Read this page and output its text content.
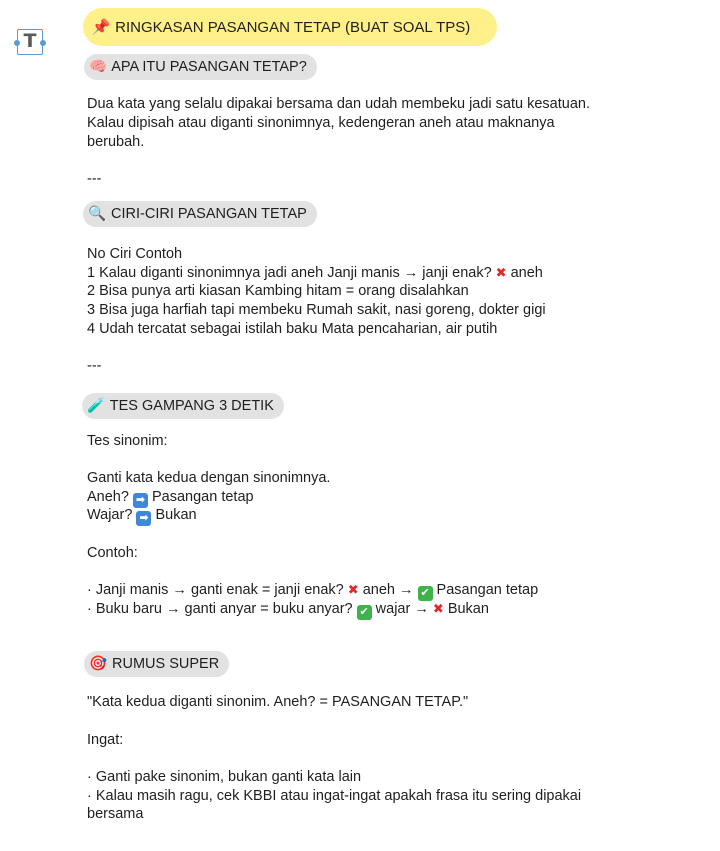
T
📌 RINGKASAN PASANGAN TETAP (BUAT SOAL TPS)
🧠 APA ITU PASANGAN TETAP?
Dua kata yang selalu dipakai bersama dan udah membeku jadi satu kesatuan.
Kalau dipisah atau diganti sinonimnya, kedengeran aneh atau maknanya
berubah.
---
🔍 CIRI-CIRI PASANGAN TETAP
No Ciri Contoh
1 Kalau diganti sinonimnya jadi aneh Janji manis → janji enak? ✖ aneh
2 Bisa punya arti kiasan Kambing hitam = orang disalahkan
3 Bisa juga harfiah tapi membeku Rumah sakit, nasi goreng, dokter gigi
4 Udah tercatat sebagai istilah baku Mata pencaharian, air putih
---
🧪 TES GAMPANG 3 DETIK
Tes sinonim:
Ganti kata kedua dengan sinonimnya.
Aneh? ➡ Pasangan tetap
Wajar? ➡ Bukan
Contoh:
· Janji manis → ganti enak = janji enak? ✖ aneh → ✔ Pasangan tetap
· Buku baru → ganti anyar = buku anyar? ✔ wajar → ✖ Bukan
🎯 RUMUS SUPER
"Kata kedua diganti sinonim. Aneh? = PASANGAN TETAP."
Ingat:
· Ganti pake sinonim, bukan ganti kata lain
· Kalau masih ragu, cek KBBI atau ingat-ingat apakah frasa itu sering dipakai
bersama
